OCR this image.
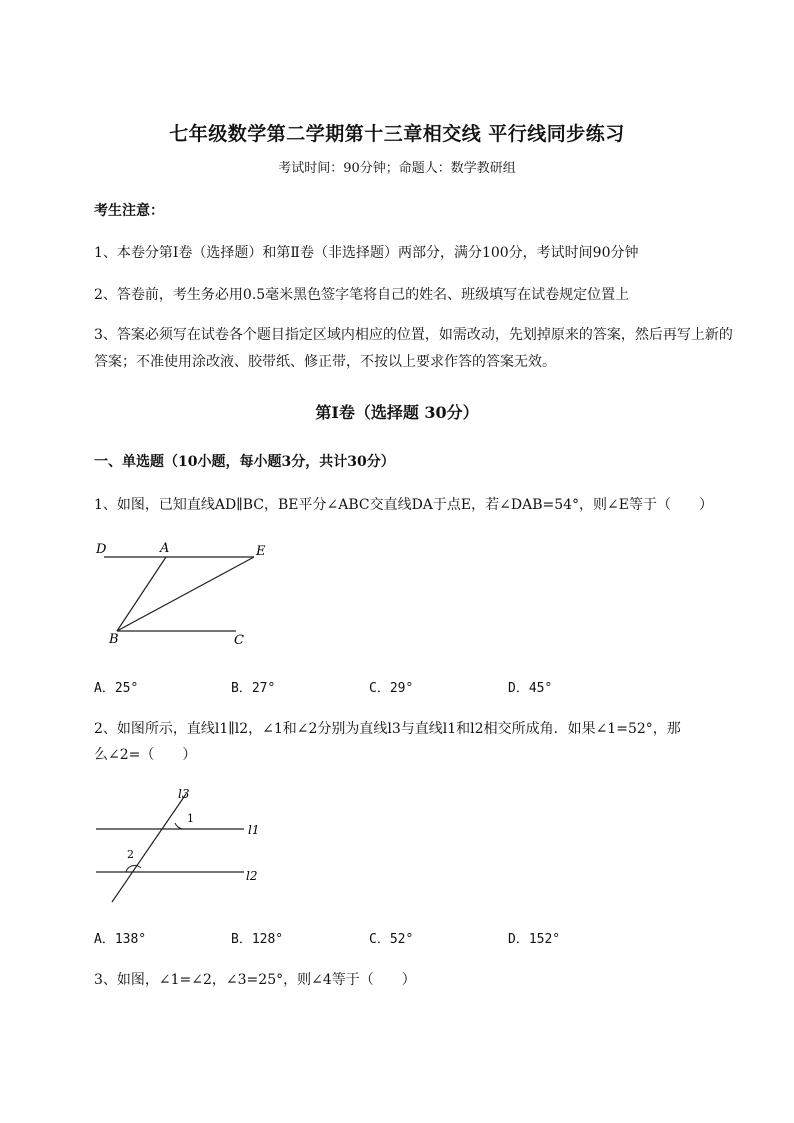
七年级数学第二学期第十三章相交线 平行线同步练习
考试时间：90分钟；命题人：数学教研组
考生注意：
1、本卷分第I卷（选择题）和第Ⅱ卷（非选择题）两部分，满分100分，考试时间90分钟
2、答卷前，考生务必用0.5毫米黑色签字笔将自己的姓名、班级填写在试卷规定位置上
3、答案必须写在试卷各个题目指定区域内相应的位置，如需改动，先划掉原来的答案，然后再写上新的答案；不准使用涂改液、胶带纸、修正带，不按以上要求作答的答案无效。
第I卷（选择题 30分）
一、单选题（10小题，每小题3分，共计30分）
1、如图，已知直线AD∥BC，BE平分∠ABC交直线DA于点E，若∠DAB=54°，则∠E等于（　　）
D	A	E
B	C
A．25°	B．27°	C．29°	D．45°
2、如图所示，直线l1∥l2，∠1和∠2分别为直线l3与直线l1和l2相交所成角．如果∠1=52°，那
么∠2=（　　）
l3
1
l1
2
l2
A．138°	B．128°	C．52°	D．152°
3、如图，∠1=∠2，∠3=25°，则∠4等于（　　）
